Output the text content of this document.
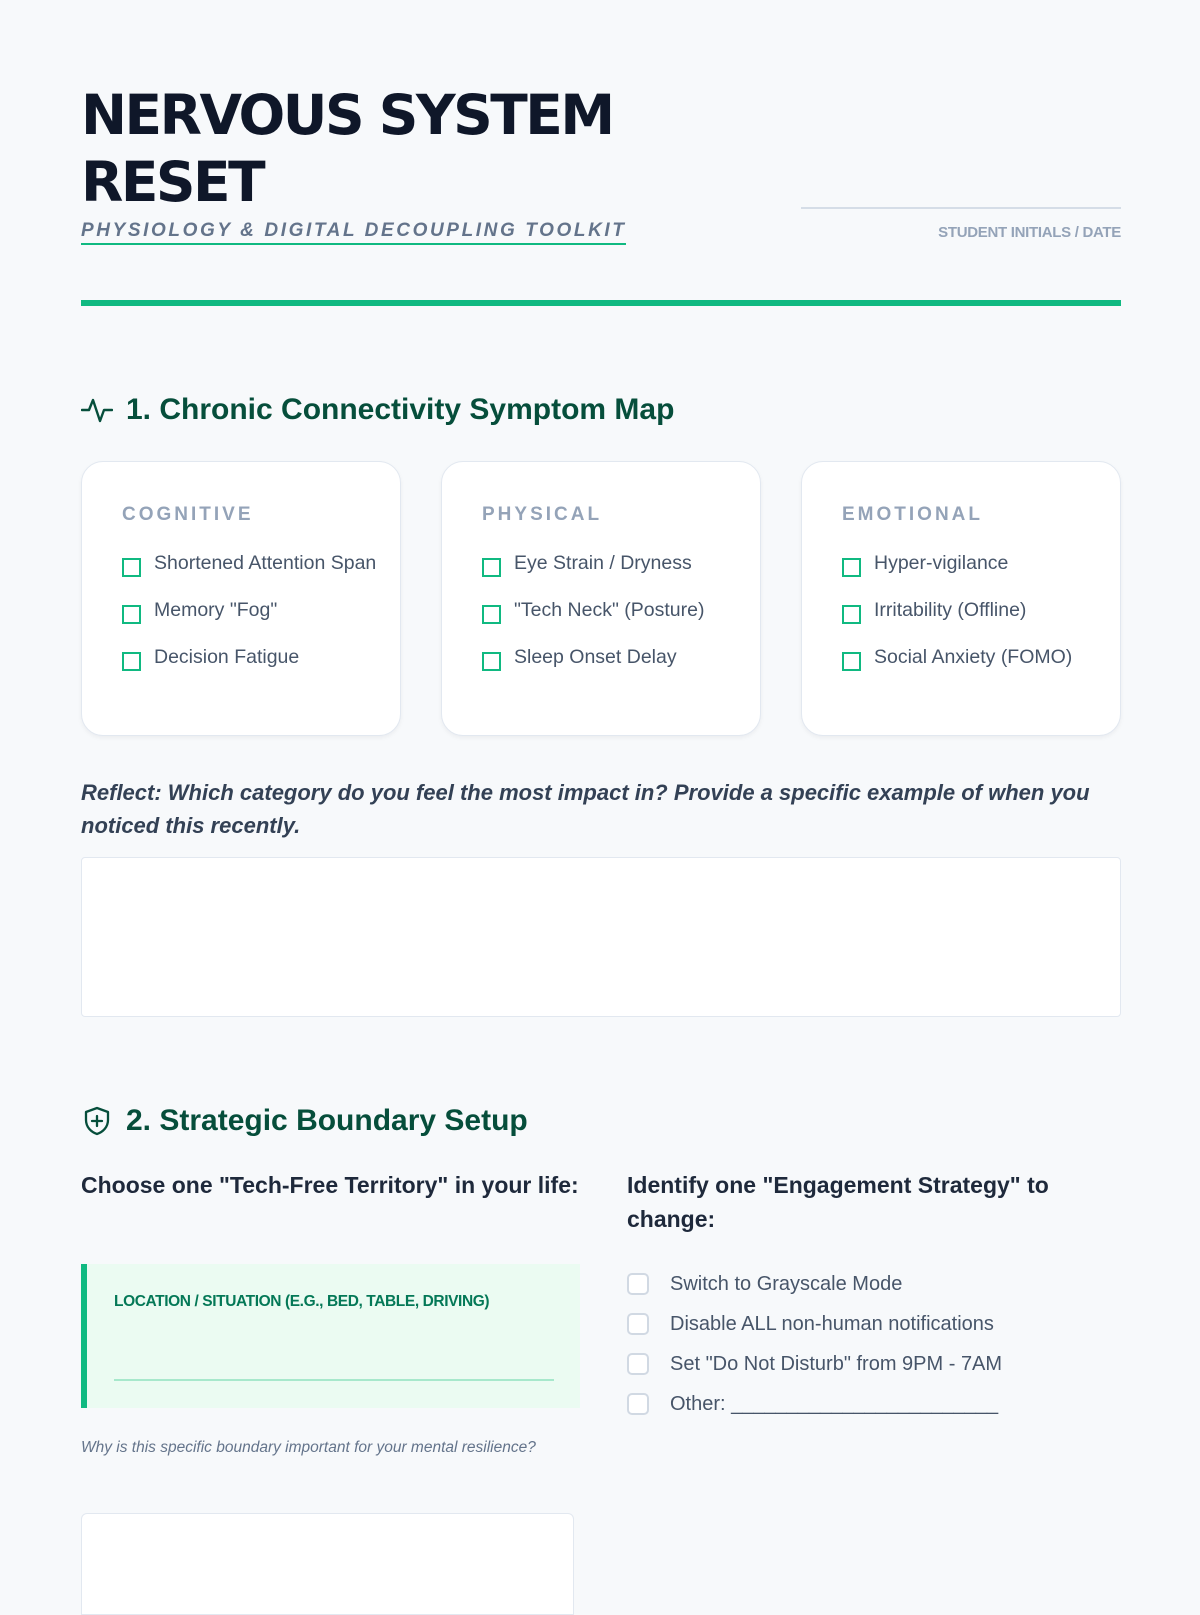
NERVOUS SYSTEM
RESET
PHYSIOLOGY & DIGITAL DECOUPLING TOOLKIT	STUDENT INITIALS / DATE
1. Chronic Connectivity Symptom Map
COGNITIVE
Shortened Attention Span
Memory "Fog"
Decision Fatigue
PHYSICAL
Eye Strain / Dryness
"Tech Neck" (Posture)
Sleep Onset Delay
EMOTIONAL
Hyper-vigilance
Irritability (Offline)
Social Anxiety (FOMO)
Reflect: Which category do you feel the most impact in? Provide a specific example of when you noticed this recently.
2. Strategic Boundary Setup
Choose one "Tech-Free Territory" in your life:
LOCATION / SITUATION (E.G., BED, TABLE, DRIVING)
Why is this specific boundary important for your mental resilience?
Identify one "Engagement Strategy" to change:
Switch to Grayscale Mode
Disable ALL non-human notifications
Set "Do Not Disturb" from 9PM - 7AM
Other: ________________________
